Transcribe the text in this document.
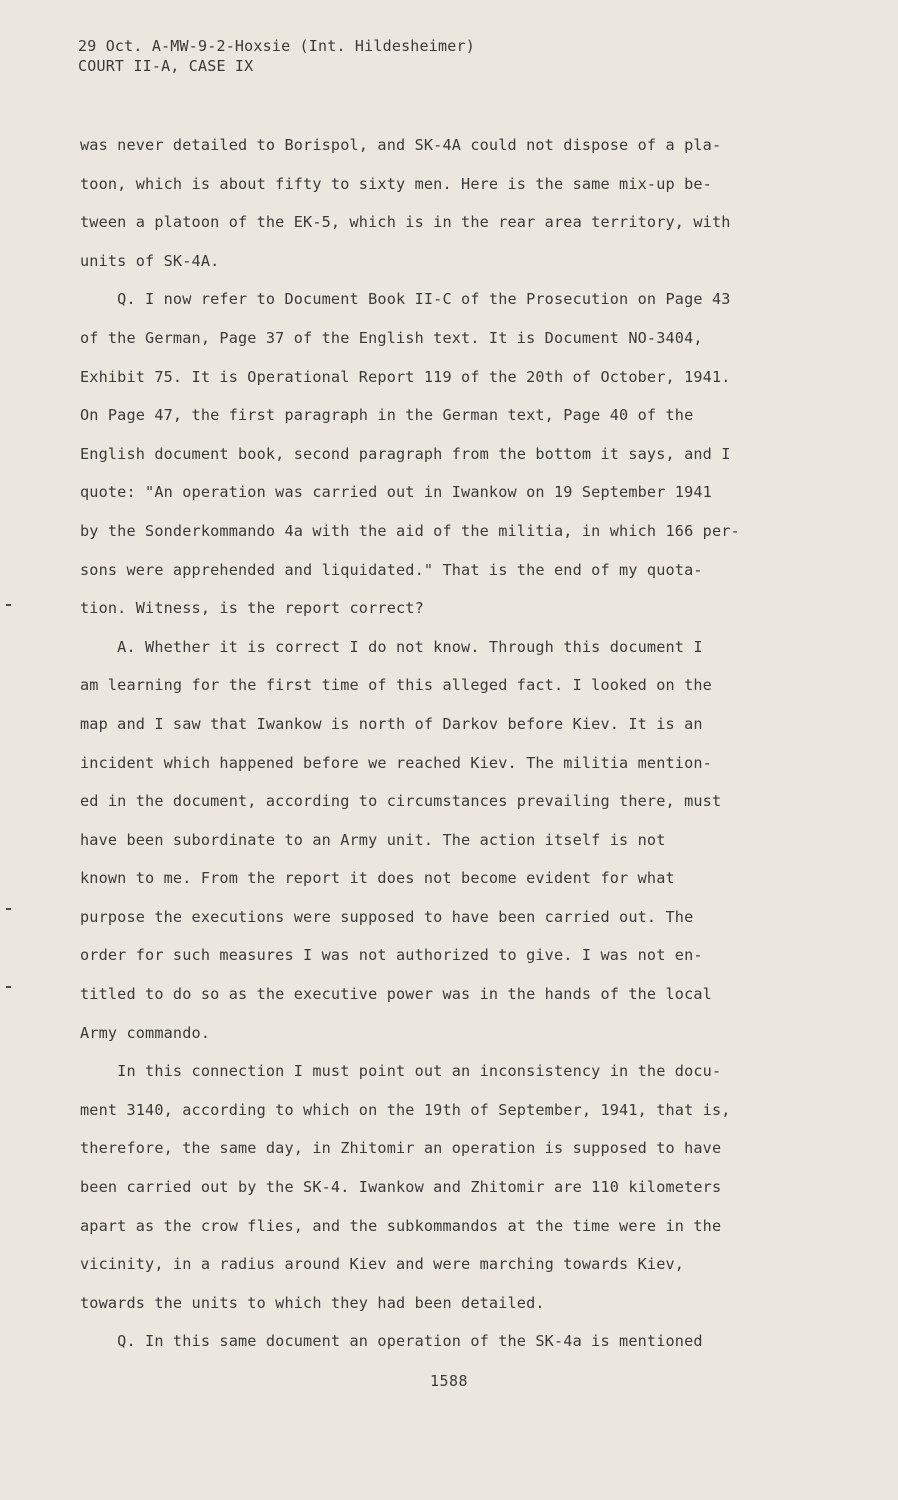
29 Oct. A-MW-9-2-Hoxsie (Int. Hildesheimer)
COURT II-A, CASE IX
was never detailed to Borispol, and SK-4A could not dispose of a pla-
toon, which is about fifty to sixty men. Here is the same mix-up be-
tween a platoon of the EK-5, which is in the rear area territory, with
units of SK-4A.
Q. I now refer to Document Book II-C of the Prosecution on Page 43
of the German, Page 37 of the English text. It is Document NO-3404,
Exhibit 75. It is Operational Report 119 of the 20th of October, 1941.
On Page 47, the first paragraph in the German text, Page 40 of the
English document book, second paragraph from the bottom it says, and I
quote: "An operation was carried out in Iwankow on 19 September 1941
by the Sonderkommando 4a with the aid of the militia, in which 166 per-
sons were apprehended and liquidated." That is the end of my quota-
tion. Witness, is the report correct?
A. Whether it is correct I do not know. Through this document I
am learning for the first time of this alleged fact. I looked on the
map and I saw that Iwankow is north of Darkov before Kiev. It is an
incident which happened before we reached Kiev. The militia mention-
ed in the document, according to circumstances prevailing there, must
have been subordinate to an Army unit. The action itself is not
known to me. From the report it does not become evident for what
purpose the executions were supposed to have been carried out. The
order for such measures I was not authorized to give. I was not en-
titled to do so as the executive power was in the hands of the local
Army commando.
In this connection I must point out an inconsistency in the docu-
ment 3140, according to which on the 19th of September, 1941, that is,
therefore, the same day, in Zhitomir an operation is supposed to have
been carried out by the SK-4. Iwankow and Zhitomir are 110 kilometers
apart as the crow flies, and the subkommandos at the time were in the
vicinity, in a radius around Kiev and were marching towards Kiev,
towards the units to which they had been detailed.
Q. In this same document an operation of the SK-4a is mentioned
1588
